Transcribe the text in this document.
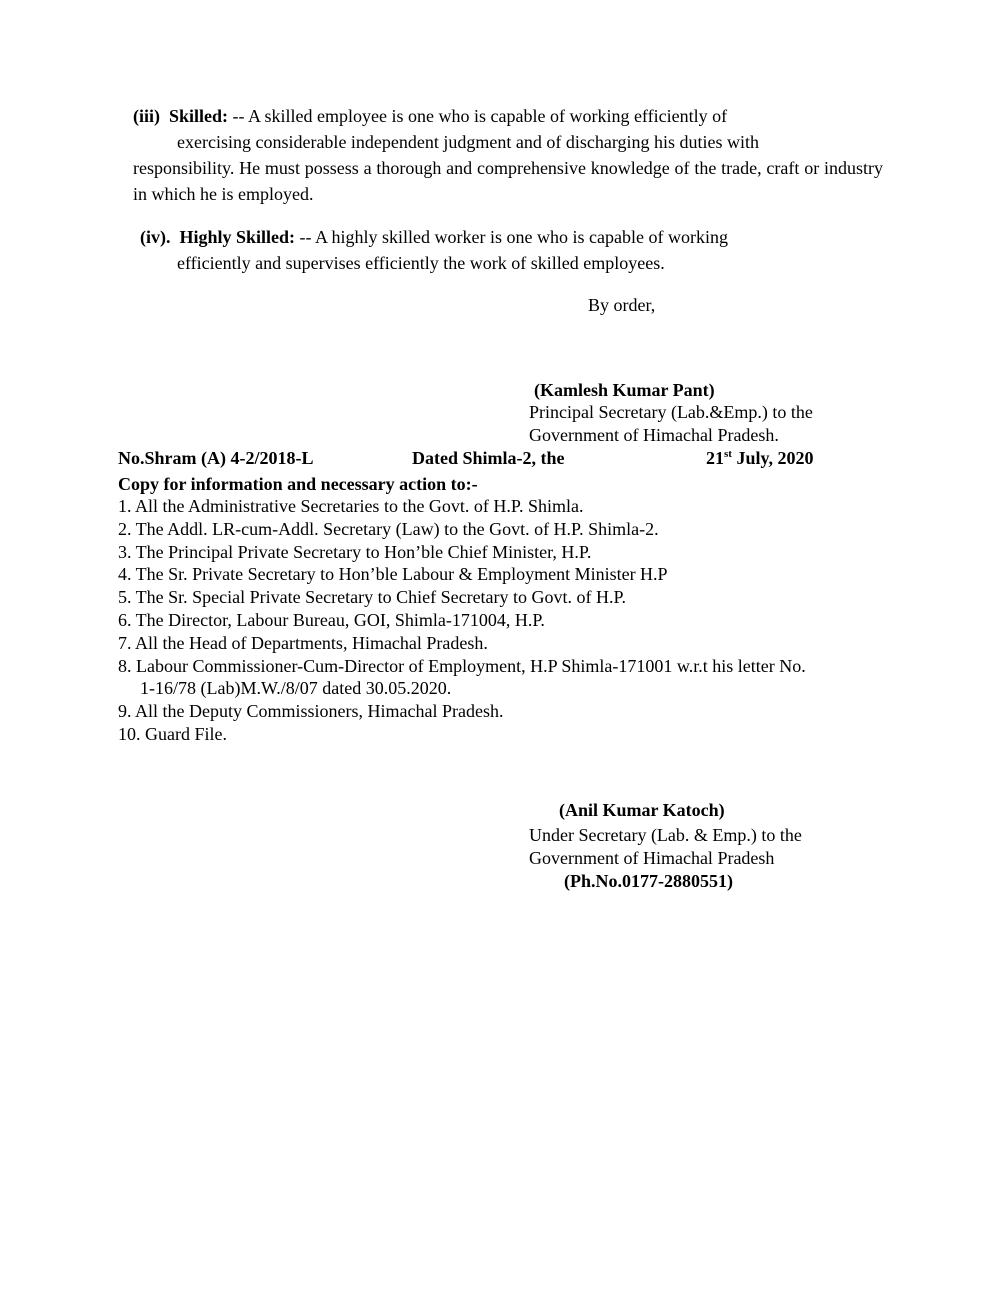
(iii) Skilled: -- A skilled employee is one who is capable of working efficiently of
exercising considerable independent judgment and of discharging his duties with
responsibility. He must possess a thorough and comprehensive knowledge of the trade, craft or industry in which he is employed.
(iv). Highly Skilled: -- A highly skilled worker is one who is capable of working
efficiently and supervises efficiently the work of skilled employees.
By order,
(Kamlesh Kumar Pant)
Principal Secretary (Lab.&Emp.) to the
Government of Himachal Pradesh.
No.Shram (A) 4-2/2018-L	Dated Shimla-2, the	21st July, 2020
Copy for information and necessary action to:-
1. All the Administrative Secretaries to the Govt. of H.P. Shimla.
2. The Addl. LR-cum-Addl. Secretary (Law) to the Govt. of H.P. Shimla-2.
3. The Principal Private Secretary to Hon’ble Chief Minister, H.P.
4. The Sr. Private Secretary to Hon’ble Labour & Employment Minister H.P
5. The Sr. Special Private Secretary to Chief Secretary to Govt. of H.P.
6. The Director, Labour Bureau, GOI, Shimla-171004, H.P.
7. All the Head of Departments, Himachal Pradesh.
8. Labour Commissioner-Cum-Director of Employment, H.P Shimla-171001 w.r.t his letter No.
1-16/78 (Lab)M.W./8/07 dated 30.05.2020.
9. All the Deputy Commissioners, Himachal Pradesh.
10. Guard File.
(Anil Kumar Katoch)
Under Secretary (Lab. & Emp.) to the
Government of Himachal Pradesh
(Ph.No.0177-2880551)
